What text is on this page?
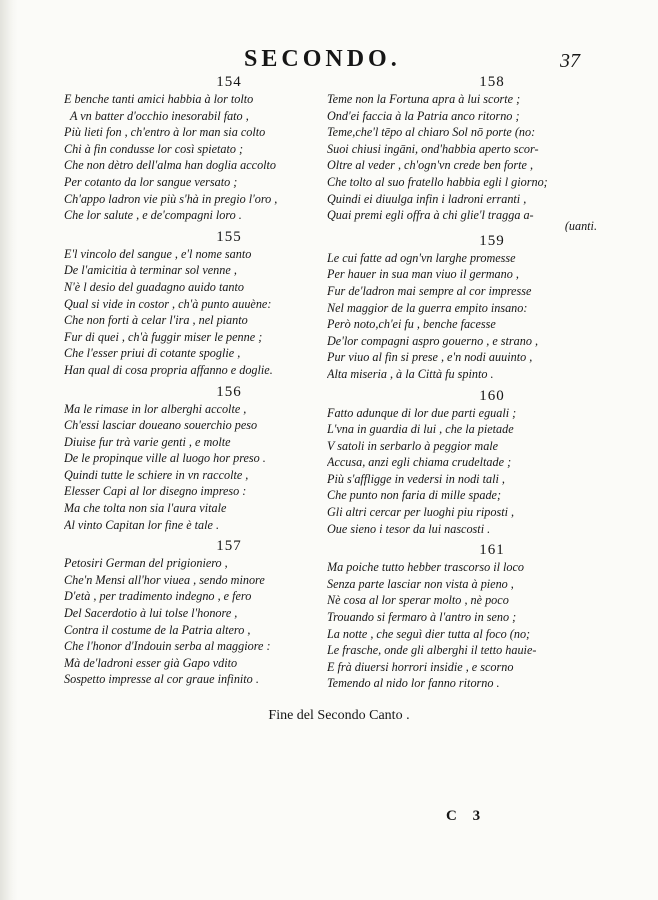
SECONDO.	37
154
E benche tanti amici habbia à lor tolto
A vn batter d'occhio inesorabil fato ,
Più lieti fon , ch'entro à lor man sia colto
Chi à fin condusse lor così spietato ;
Che non dètro dell'alma han doglia accolto
Per cotanto da lor sangue versato ;
Ch'appo ladron vie più s'hà in pregio l'oro ,
Che lor salute , e de'compagni loro .
155
E'l vincolo del sangue , e'l nome santo
De l'amicitia à terminar sol venne ,
N'è l desio del guadagno auido tanto
Qual si vide in costor , ch'à punto auuène:
Che non forti à celar l'ira , nel pianto
Fur di quei , ch'à fuggir miser le penne ;
Che l'esser priui di cotante spoglie ,
Han qual di cosa propria affanno e doglie.
156
Ma le rimase in lor alberghi accolte ,
Ch'essi lasciar doueano souerchio peso
Diuise fur trà varie genti , e molte
De le propinque ville al luogo hor preso .
Quindi tutte le schiere in vn raccolte ,
Elesser Capi al lor disegno impreso :
Ma che tolta non sia l'aura vitale
Al vinto Capitan lor fine è tale .
157
Petosiri German del prigioniero ,
Che'n Mensi all'hor viuea , sendo minore
D'età , per tradimento indegno , e fero
Del Sacerdotio à lui tolse l'honore ,
Contra il costume de la Patria altero ,
Che l'honor d'Indouin serba al maggiore :
Mà de'ladroni esser già Gapo vdito
Sospetto impresse al cor graue infinito .
158
Teme non la Fortuna apra à lui scorte ;
Ond'ei faccia à la Patria anco ritorno ;
Teme,che'l tēpo al chiaro Sol nō porte (no:
Suoi chiusi ingāni, ond'habbia aperto scor-
Oltre al veder , ch'ogn'vn crede ben forte ,
Che tolto al suo fratello habbia egli l giorno;
Quindi ei diuulga infin i ladroni erranti ,
Quai premi egli offra à chi glie'l tragga a-
(uanti.
159
Le cui fatte ad ogn'vn larghe promesse
Per hauer in sua man viuo il germano ,
Fur de'ladron mai sempre al cor impresse
Nel maggior de la guerra empito insano:
Però noto,ch'ei fu , benche facesse
De'lor compagni aspro gouerno , e strano ,
Pur viuo al fin si prese , e'n nodi auuinto ,
Alta miseria , à la Città fu spinto .
160
Fatto adunque di lor due parti eguali ;
L'vna in guardia di lui , che la pietade
V satoli in serbarlo à peggior male
Accusa, anzi egli chiama crudeltade ;
Più s'affligge in vedersi in nodi tali ,
Che punto non faria di mille spade;
Gli altri cercar per luoghi piu riposti ,
Oue sieno i tesor da lui nascosti .
161
Ma poiche tutto hebber trascorso il loco
Senza parte lasciar non vista à pieno ,
Nè cosa al lor sperar molto , nè poco
Trouando si fermaro à l'antro in seno ;
La notte , che seguì dier tutta al foco (no;
Le frasche, onde gli alberghi il tetto hauie-
E frà diuersi horrori insidie , e scorno
Temendo al nido lor fanno ritorno .
Fine del Secondo Canto .
C 3
